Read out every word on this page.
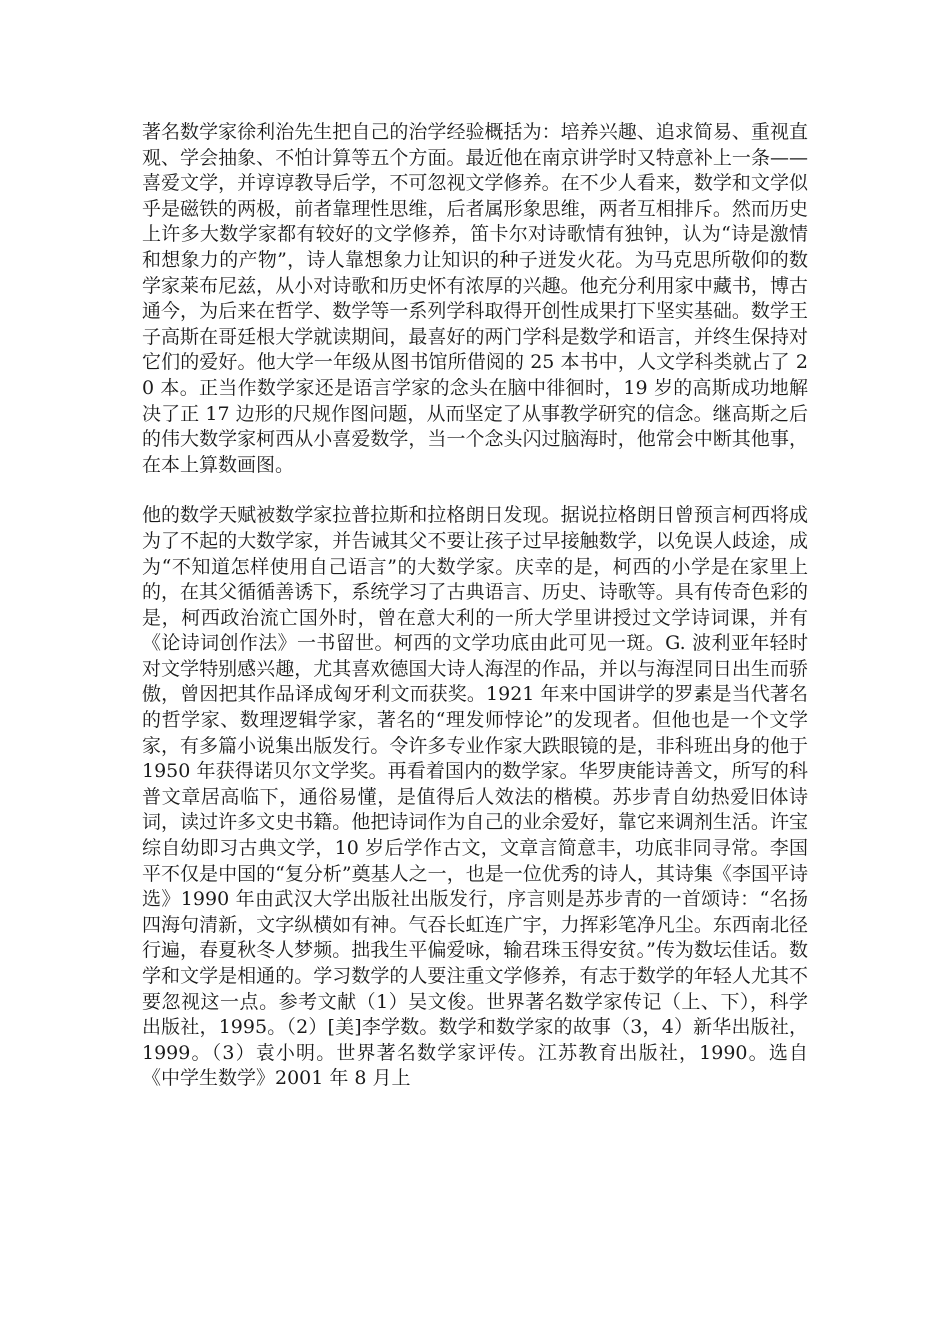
著名数学家徐利治先生把自己的治学经验概括为：培养兴趣、追求简易、重视直观、学会抽象、不怕计算等五个方面。最近他在南京讲学时又特意补上一条——喜爱文学，并谆谆教导后学，不可忽视文学修养。在不少人看来，数学和文学似乎是磁铁的两极，前者靠理性思维，后者属形象思维，两者互相排斥。然而历史上许多大数学家都有较好的文学修养，笛卡尔对诗歌情有独钟，认为“诗是激情和想象力的产物”，诗人靠想象力让知识的种子迸发火花。为马克思所敬仰的数学家莱布尼兹，从小对诗歌和历史怀有浓厚的兴趣。他充分利用家中藏书，博古通今，为后来在哲学、数学等一系列学科取得开创性成果打下坚实基础。数学王子高斯在哥廷根大学就读期间，最喜好的两门学科是数学和语言，并终生保持对它们的爱好。他大学一年级从图书馆所借阅的 25 本书中，人文学科类就占了 20 本。正当作数学家还是语言学家的念头在脑中徘徊时，19 岁的高斯成功地解决了正 17 边形的尺规作图问题，从而坚定了从事教学研究的信念。继高斯之后的伟大数学家柯西从小喜爱数学，当一个念头闪过脑海时，他常会中断其他事，在本上算数画图。

他的数学天赋被数学家拉普拉斯和拉格朗日发现。据说拉格朗日曾预言柯西将成为了不起的大数学家，并告诫其父不要让孩子过早接触数学，以免误人歧途，成为“不知道怎样使用自己语言”的大数学家。庆幸的是，柯西的小学是在家里上的，在其父循循善诱下，系统学习了古典语言、历史、诗歌等。具有传奇色彩的是，柯西政治流亡国外时，曾在意大利的一所大学里讲授过文学诗词课，并有《论诗词创作法》一书留世。柯西的文学功底由此可见一斑。G. 波利亚年轻时对文学特别感兴趣，尤其喜欢德国大诗人海涅的作品，并以与海涅同日出生而骄傲，曾因把其作品译成匈牙利文而获奖。1921 年来中国讲学的罗素是当代著名的哲学家、数理逻辑学家，著名的“理发师悖论”的发现者。但他也是一个文学家，有多篇小说集出版发行。令许多专业作家大跌眼镜的是，非科班出身的他于 1950 年获得诺贝尔文学奖。再看着国内的数学家。华罗庚能诗善文，所写的科普文章居高临下，通俗易懂，是值得后人效法的楷模。苏步青自幼热爱旧体诗词，读过许多文史书籍。他把诗词作为自己的业余爱好，靠它来调剂生活。许宝综自幼即习古典文学，10 岁后学作古文，文章言简意丰，功底非同寻常。李国平不仅是中国的“复分析”奠基人之一，也是一位优秀的诗人，其诗集《李国平诗选》1990 年由武汉大学出版社出版发行，序言则是苏步青的一首颂诗：“名扬四海句清新，文字纵横如有神。气吞长虹连广宇，力挥彩笔净凡尘。东西南北径行遍，春夏秋冬人梦频。拙我生平偏爱咏，输君珠玉得安贫。”传为数坛佳话。数学和文学是相通的。学习数学的人要注重文学修养，有志于数学的年轻人尤其不要忽视这一点。参考文献（1）吴文俊。世界著名数学家传记（上、下），科学出版社，1995。（2）[美]李学数。数学和数学家的故事（3，4）新华出版社，1999。（3）袁小明。世界著名数学家评传。江苏教育出版社，1990。选自《中学生数学》2001 年 8 月上
